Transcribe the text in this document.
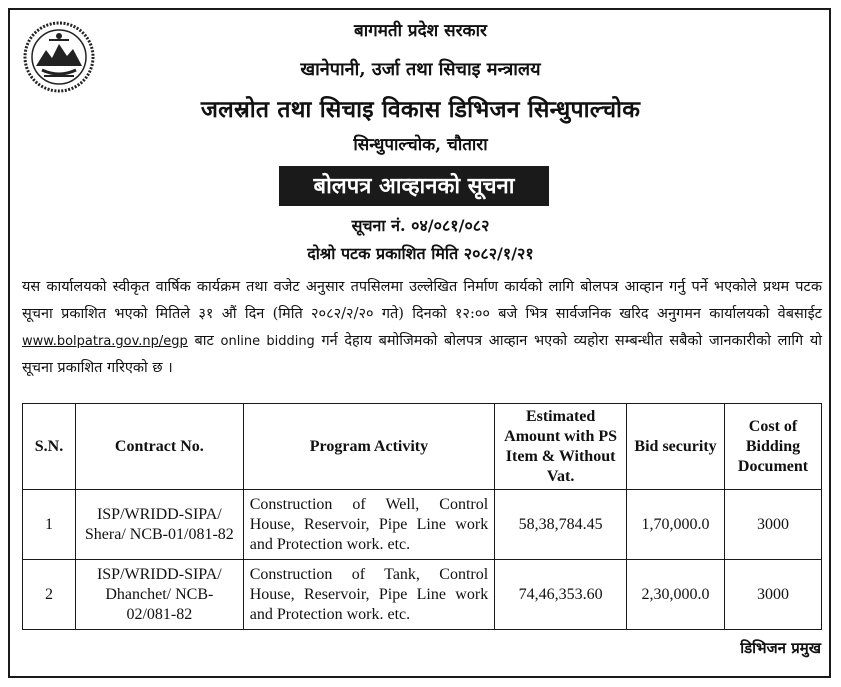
बागमती प्रदेश सरकार
खानेपानी, उर्जा तथा सिचाइ मन्त्रालय
जलस्रोत तथा सिचाइ विकास डिभिजन सिन्धुपाल्चोक
सिन्धुपाल्चोक, चौतारा
बोलपत्र आव्हानको सूचना
सूचना नं. ०४/०८१/०८२
दोश्रो पटक प्रकाशित मिति २०८२/१/२१
यस कार्यालयको स्वीकृत वार्षिक कार्यक्रम तथा वजेट अनुसार तपसिलमा उल्लेखित निर्माण कार्यको लागि बोलपत्र आव्हान गर्नु पर्ने भएकोले प्रथम पटक सूचना प्रकाशित भएको मितिले ३१ औं दिन (मिति २०८२/२/२० गते) दिनको १२:०० बजे भित्र सार्वजनिक खरिद अनुगमन कार्यालयको वेबसाईट www.bolpatra.gov.np/egp बाट online bidding गर्न देहाय बमोजिमको बोलपत्र आव्हान भएको व्यहोरा सम्बन्धीत सबैको जानकारीको लागि यो सूचना प्रकाशित गरिएको छ ।
S.N.	Contract No.	Program Activity	Estimated Amount with PS Item & Without Vat.	Bid security	Cost of Bidding Document
1	ISP/WRIDD-SIPA/ Shera/ NCB-01/081-82	Construction of Well, Control House, Reservoir, Pipe Line work and Protection work. etc.	58,38,784.45	1,70,000.0	3000
2	ISP/WRIDD-SIPA/ Dhanchet/ NCB-02/081-82	Construction of Tank, Control House, Reservoir, Pipe Line work and Protection work. etc.	74,46,353.60	2,30,000.0	3000
डिभिजन प्रमुख
